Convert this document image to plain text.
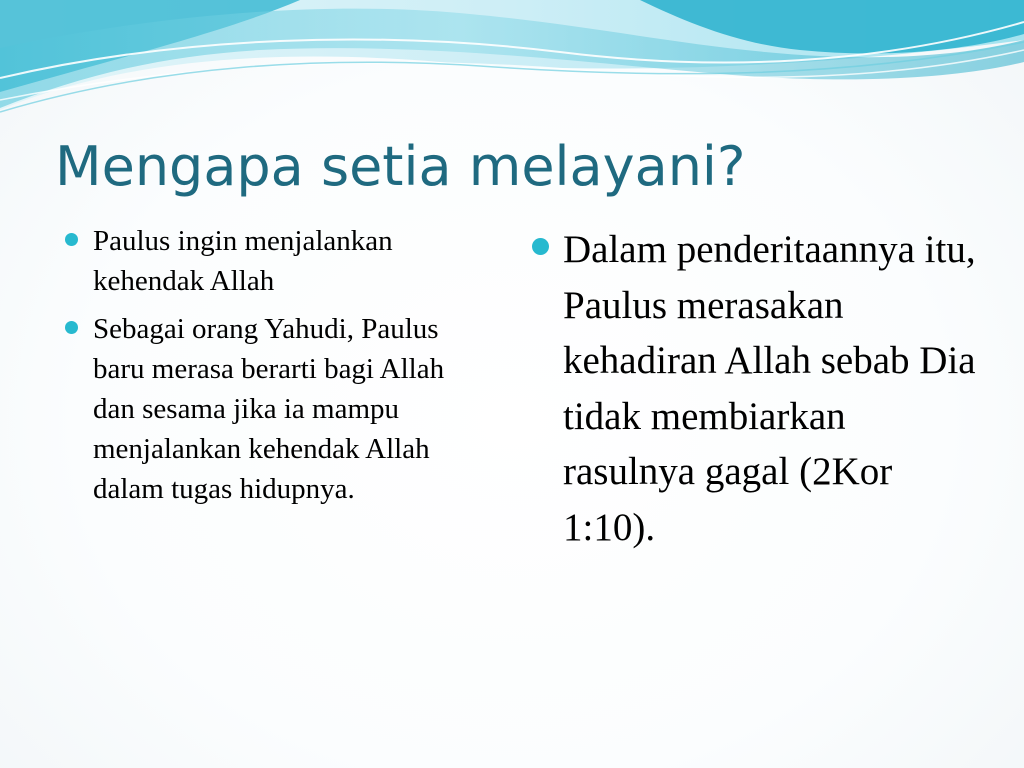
Mengapa setia melayani?
Paulus ingin menjalankan kehendak Allah
Sebagai orang Yahudi, Paulus baru merasa berarti bagi Allah dan sesama jika ia mampu menjalankan kehendak Allah dalam tugas hidupnya.
Dalam penderitaannya itu, Paulus merasakan kehadiran Allah sebab Dia tidak membiarkan rasulnya gagal (2Kor 1:10).
